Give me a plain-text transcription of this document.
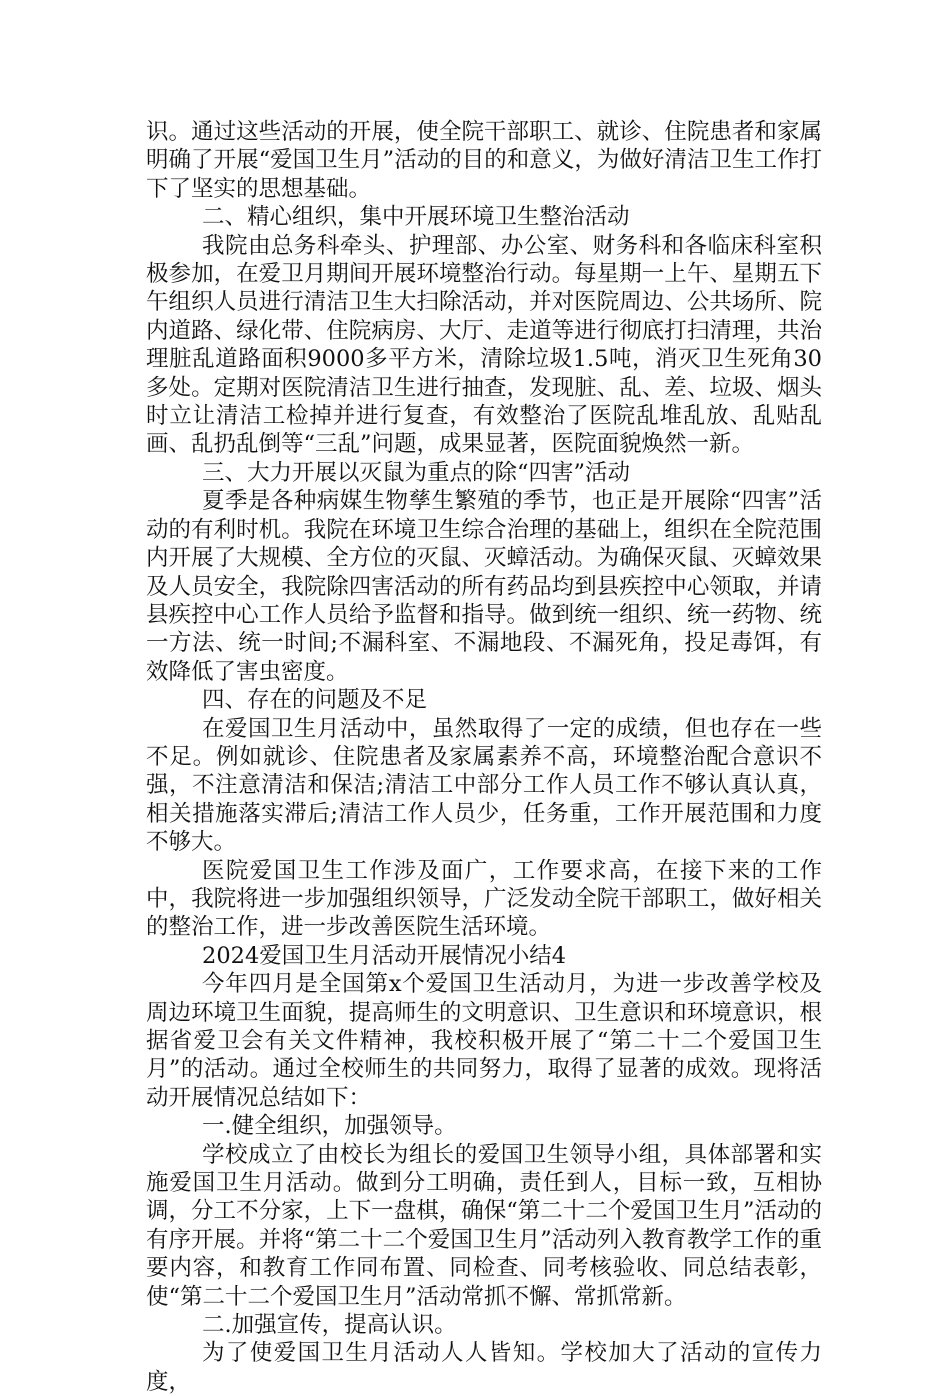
识。通过这些活动的开展，使全院干部职工、就诊、住院患者和家属明确了开展“爱国卫生月”活动的目的和意义，为做好清洁卫生工作打下了坚实的思想基础。

二、精心组织，集中开展环境卫生整治活动

我院由总务科牵头、护理部、办公室、财务科和各临床科室积极参加，在爱卫月期间开展环境整治行动。每星期一上午、星期五下午组织人员进行清洁卫生大扫除活动，并对医院周边、公共场所、院内道路、绿化带、住院病房、大厅、走道等进行彻底打扫清理，共治理脏乱道路面积9000多平方米，清除垃圾1.5吨，消灭卫生死角30多处。定期对医院清洁卫生进行抽查，发现脏、乱、差、垃圾、烟头时立让清洁工检掉并进行复查，有效整治了医院乱堆乱放、乱贴乱画、乱扔乱倒等“三乱”问题，成果显著，医院面貌焕然一新。

三、大力开展以灭鼠为重点的除“四害”活动

夏季是各种病媒生物孳生繁殖的季节，也正是开展除“四害”活动的有利时机。我院在环境卫生综合治理的基础上，组织在全院范围内开展了大规模、全方位的灭鼠、灭蟑活动。为确保灭鼠、灭蟑效果及人员安全，我院除四害活动的所有药品均到县疾控中心领取，并请县疾控中心工作人员给予监督和指导。做到统一组织、统一药物、统一方法、统一时间;不漏科室、不漏地段、不漏死角，投足毒饵，有效降低了害虫密度。

四、存在的问题及不足

在爱国卫生月活动中，虽然取得了一定的成绩，但也存在一些不足。例如就诊、住院患者及家属素养不高，环境整治配合意识不强，不注意清洁和保洁;清洁工中部分工作人员工作不够认真认真，相关措施落实滞后;清洁工作人员少，任务重，工作开展范围和力度不够大。

医院爱国卫生工作涉及面广，工作要求高，在接下来的工作中，我院将进一步加强组织领导，广泛发动全院干部职工，做好相关的整治工作，进一步改善医院生活环境。

2024爱国卫生月活动开展情况小结4

今年四月是全国第x个爱国卫生活动月，为进一步改善学校及周边环境卫生面貌，提高师生的文明意识、卫生意识和环境意识，根据省爱卫会有关文件精神，我校积极开展了“第二十二个爱国卫生月”的活动。通过全校师生的共同努力，取得了显著的成效。现将活动开展情况总结如下：

一.健全组织，加强领导。

学校成立了由校长为组长的爱国卫生领导小组，具体部署和实施爱国卫生月活动。做到分工明确，责任到人，目标一致，互相协调，分工不分家，上下一盘棋，确保“第二十二个爱国卫生月”活动的有序开展。并将“第二十二个爱国卫生月”活动列入教育教学工作的重要内容，和教育工作同布置、同检查、同考核验收、同总结表彰，使“第二十二个爱国卫生月”活动常抓不懈、常抓常新。

二.加强宣传，提高认识。

为了使爱国卫生月活动人人皆知。学校加大了活动的宣传力度，
